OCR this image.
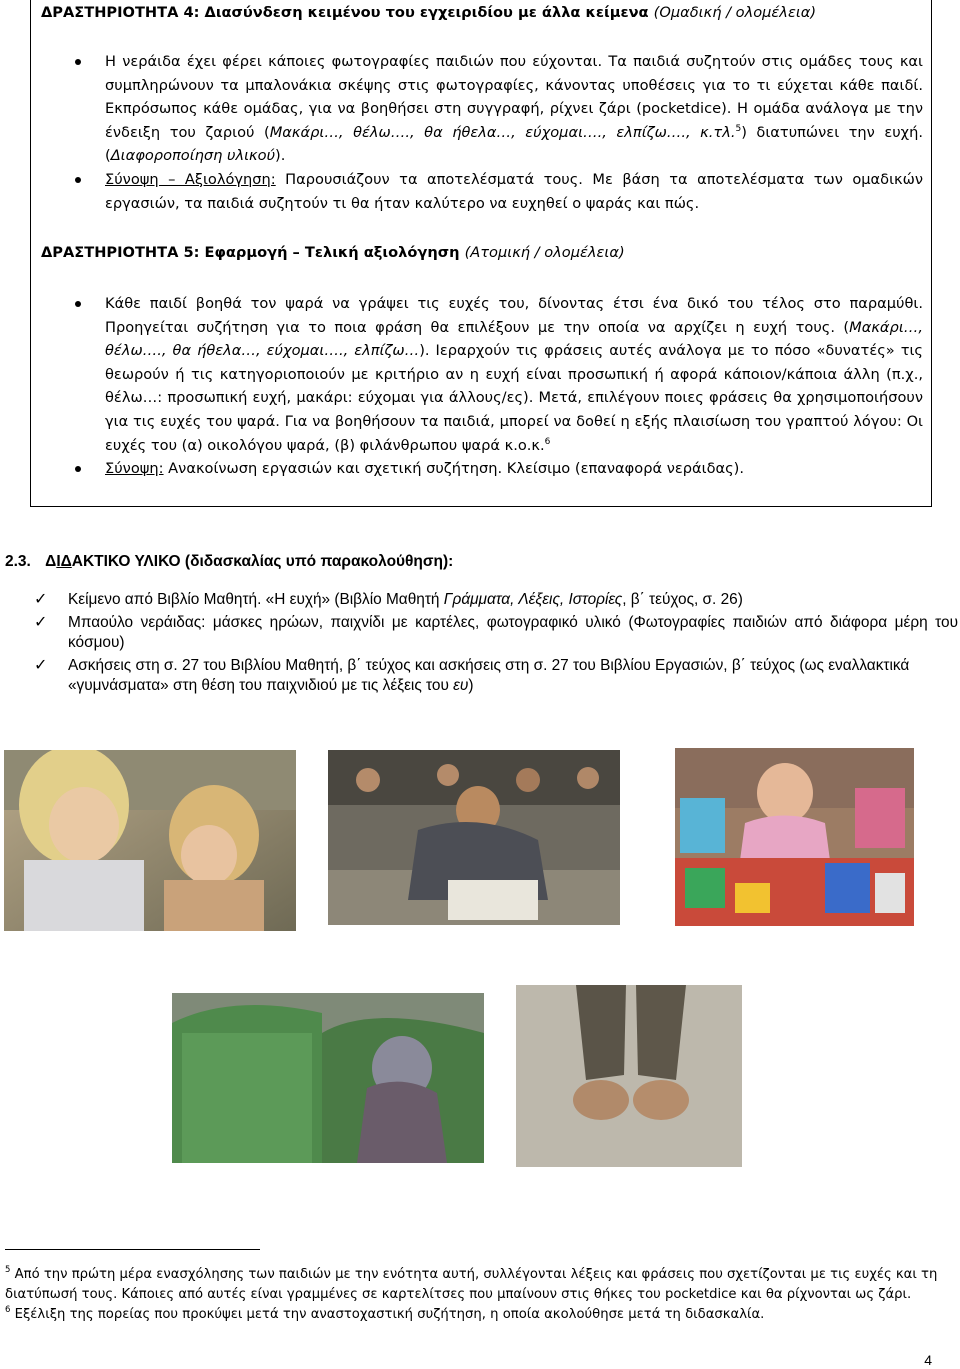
ΔΡΑΣΤΗΡΙΟΤΗΤΑ 4: Διασύνδεση κειμένου του εγχειριδίου με άλλα κείμενα (Ομαδική / ολομέλεια)
Η νεράιδα έχει φέρει κάποιες φωτογραφίες παιδιών που εύχονται. Τα παιδιά συζητούν στις ομάδες τους και συμπληρώνουν τα μπαλονάκια σκέψης στις φωτογραφίες, κάνοντας υποθέσεις για το τι εύχεται κάθε παιδί. Εκπρόσωπος κάθε ομάδας, για να βοηθήσει στη συγγραφή, ρίχνει ζάρι (pocketdice). Η ομάδα ανάλογα με την ένδειξη του ζαριού (Μακάρι…, θέλω…., θα ήθελα…, εύχομαι…., ελπίζω…., κ.τλ.$^5$) διατυπώνει την ευχή. (Διαφοροποίηση υλικού).
Σύνοψη – Αξιολόγηση: Παρουσιάζουν τα αποτελέσματά τους. Με βάση τα αποτελέσματα των ομαδικών εργασιών, τα παιδιά συζητούν τι θα ήταν καλύτερο να ευχηθεί ο ψαράς και πώς.
ΔΡΑΣΤΗΡΙΟΤΗΤΑ 5: Εφαρμογή – Τελική αξιολόγηση (Ατομική / ολομέλεια)
Κάθε παιδί βοηθά τον ψαρά να γράψει τις ευχές του, δίνοντας έτσι ένα δικό του τέλος στο παραμύθι. Προηγείται συζήτηση για το ποια φράση θα επιλέξουν με την οποία να αρχίζει η ευχή τους. (Μακάρι…, θέλω…., θα ήθελα…, εύχομαι…., ελπίζω…). Ιεραρχούν τις φράσεις αυτές ανάλογα με το πόσο «δυνατές» τις θεωρούν ή τις κατηγοριοποιούν με κριτήριο αν η ευχή είναι προσωπική ή αφορά κάποιον/κάποια άλλη (π.χ., θέλω…: προσωπική ευχή, μακάρι: εύχομαι για άλλους/ες). Μετά, επιλέγουν ποιες φράσεις θα χρησιμοποιήσουν για τις ευχές του ψαρά. Για να βοηθήσουν τα παιδιά, μπορεί να δοθεί η εξής πλαισίωση του γραπτού λόγου: Οι ευχές του (α) οικολόγου ψαρά, (β) φιλάνθρωπου ψαρά κ.ο.κ.$^6$
Σύνοψη: Ανακοίνωση εργασιών και σχετική συζήτηση. Κλείσιμο (επαναφορά νεράιδας).
2.3. ΔΙΔΑΚΤΙΚΟ ΥΛΙΚΟ (διδασκαλίας υπό παρακολούθηση):
✓ Κείμενο από Βιβλίο Μαθητή. «Η ευχή» (Βιβλίο Μαθητή Γράμματα, Λέξεις, Ιστορίες, β΄ τεύχος, σ. 26)
✓ Μπαούλο νεράιδας: μάσκες ηρώων, παιχνίδι με καρτέλες, φωτογραφικό υλικό (Φωτογραφίες παιδιών από διάφορα μέρη του κόσμου)
✓ Ασκήσεις στη σ. 27 του Βιβλίου Μαθητή, β΄ τεύχος και ασκήσεις στη σ. 27 του Βιβλίου Εργασιών, β΄ τεύχος (ως εναλλακτικά «γυμνάσματα» στη θέση του παιχνιδιού με τις λέξεις του ευ)
$^5$ Από την πρώτη μέρα ενασχόλησης των παιδιών με την ενότητα αυτή, συλλέγονται λέξεις και φράσεις που σχετίζονται με τις ευχές και τη διατύπωσή τους. Κάποιες από αυτές είναι γραμμένες σε καρτελίτσες που μπαίνουν στις θήκες του pocketdice και θα ρίχνονται ως ζάρι.
$^6$ Εξέλιξη της πορείας που προκύψει μετά την αναστοχαστική συζήτηση, η οποία ακολούθησε μετά τη διδασκαλία.
4
